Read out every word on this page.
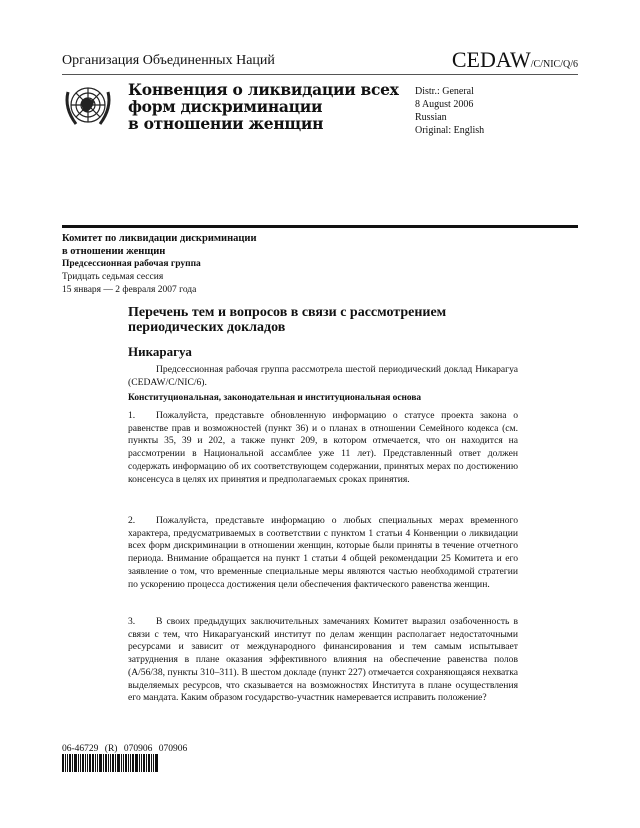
Организация Объединенных Наций	CEDAW/C/NIC/Q/6
Конвенция о ликвидации всех
форм дискриминации
в отношении женщин
Distr.: General
8 August 2006
Russian
Original: English
Комитет по ликвидации дискриминации
в отношении женщин
Предсессионная рабочая группа
Тридцать седьмая сессия
15 января — 2 февраля 2007 года
Перечень тем и вопросов в связи с рассмотрением
периодических докладов
Никарагуа
Предсессионная рабочая группа рассмотрела шестой периодический доклад Никарагуа (CEDAW/C/NIC/6).
Конституциональная, законодательная и институциональная основа
1. Пожалуйста, представьте обновленную информацию о статусе проекта закона о равенстве прав и возможностей (пункт 36) и о планах в отношении Семейного кодекса (см. пункты 35, 39 и 202, а также пункт 209, в котором отмечается, что он находится на рассмотрении в Национальной ассамблее уже 11 лет). Представленный ответ должен содержать информацию об их соответствующем содержании, принятых мерах по достижению консенсуса в целях их принятия и предполагаемых сроках принятия.
2. Пожалуйста, представьте информацию о любых специальных мерах временного характера, предусматриваемых в соответствии с пунктом 1 статьи 4 Конвенции о ликвидации всех форм дискриминации в отношении женщин, которые были приняты в течение отчетного периода. Внимание обращается на пункт 1 статьи 4 общей рекомендации 25 Комитета и его заявление о том, что временные специальные меры являются частью необходимой стратегии по ускорению процесса достижения цели обеспечения фактического равенства женщин.
3. В своих предыдущих заключительных замечаниях Комитет выразил озабоченность в связи с тем, что Никарагуанский институт по делам женщин располагает недостаточными ресурсами и зависит от международного финансирования и тем самым испытывает затруднения в плане оказания эффективного влияния на обеспечение равенства полов (A/56/38, пункты 310–311). В шестом докладе (пункт 227) отмечается сохраняющаяся нехватка выделяемых ресурсов, что сказывается на возможностях Института в плане осуществления его мандата. Каким образом государство-участник намеревается исправить положение?
06-46729 (R) 070906 070906
